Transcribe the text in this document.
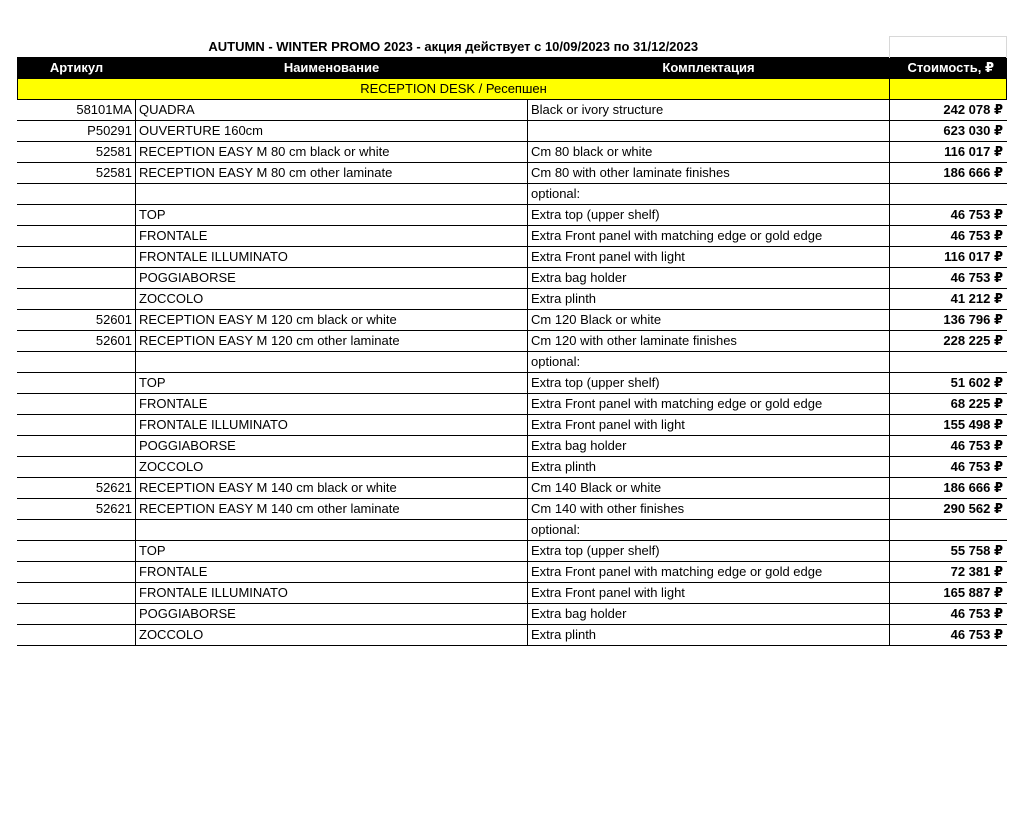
AUTUMN - WINTER PROMO 2023 - акция действует с 10/09/2023 по 31/12/2023			
Артикул	Наименование	Комплектация	Стоимость, ₽
RECEPTION DESK / Ресепшен			
58101MA	QUADRA	Black or ivory structure	242 078 ₽
P50291	OUVERTURE 160cm		623 030 ₽
52581	RECEPTION EASY M 80 cm black or white	Cm 80 black or white	116 017 ₽
52581	RECEPTION EASY M 80 cm other laminate	Cm 80 with other laminate finishes	186 666 ₽
		optional:	
	TOP	Extra top (upper shelf)	46 753 ₽
	FRONTALE	Extra Front panel with matching edge or gold edge	46 753 ₽
	FRONTALE ILLUMINATO	Extra Front panel with light	116 017 ₽
	POGGIABORSE	Extra bag holder	46 753 ₽
	ZOCCOLO	Extra plinth	41 212 ₽
52601	RECEPTION EASY M 120 cm black or white	Cm 120 Black or white	136 796 ₽
52601	RECEPTION EASY M 120 cm other laminate	Cm 120 with other laminate finishes	228 225 ₽
		optional:	
	TOP	Extra top (upper shelf)	51 602 ₽
	FRONTALE	Extra Front panel with matching edge or gold edge	68 225 ₽
	FRONTALE ILLUMINATO	Extra Front panel with light	155 498 ₽
	POGGIABORSE	Extra bag holder	46 753 ₽
	ZOCCOLO	Extra plinth	46 753 ₽
52621	RECEPTION EASY M 140 cm black or white	Cm 140 Black or white	186 666 ₽
52621	RECEPTION EASY M 140 cm other laminate	Cm 140 with other finishes	290 562 ₽
		optional:	
	TOP	Extra top (upper shelf)	55 758 ₽
	FRONTALE	Extra Front panel with matching edge or gold edge	72 381 ₽
	FRONTALE ILLUMINATO	Extra Front panel with light	165 887 ₽
	POGGIABORSE	Extra bag holder	46 753 ₽
	ZOCCOLO	Extra plinth	46 753 ₽
